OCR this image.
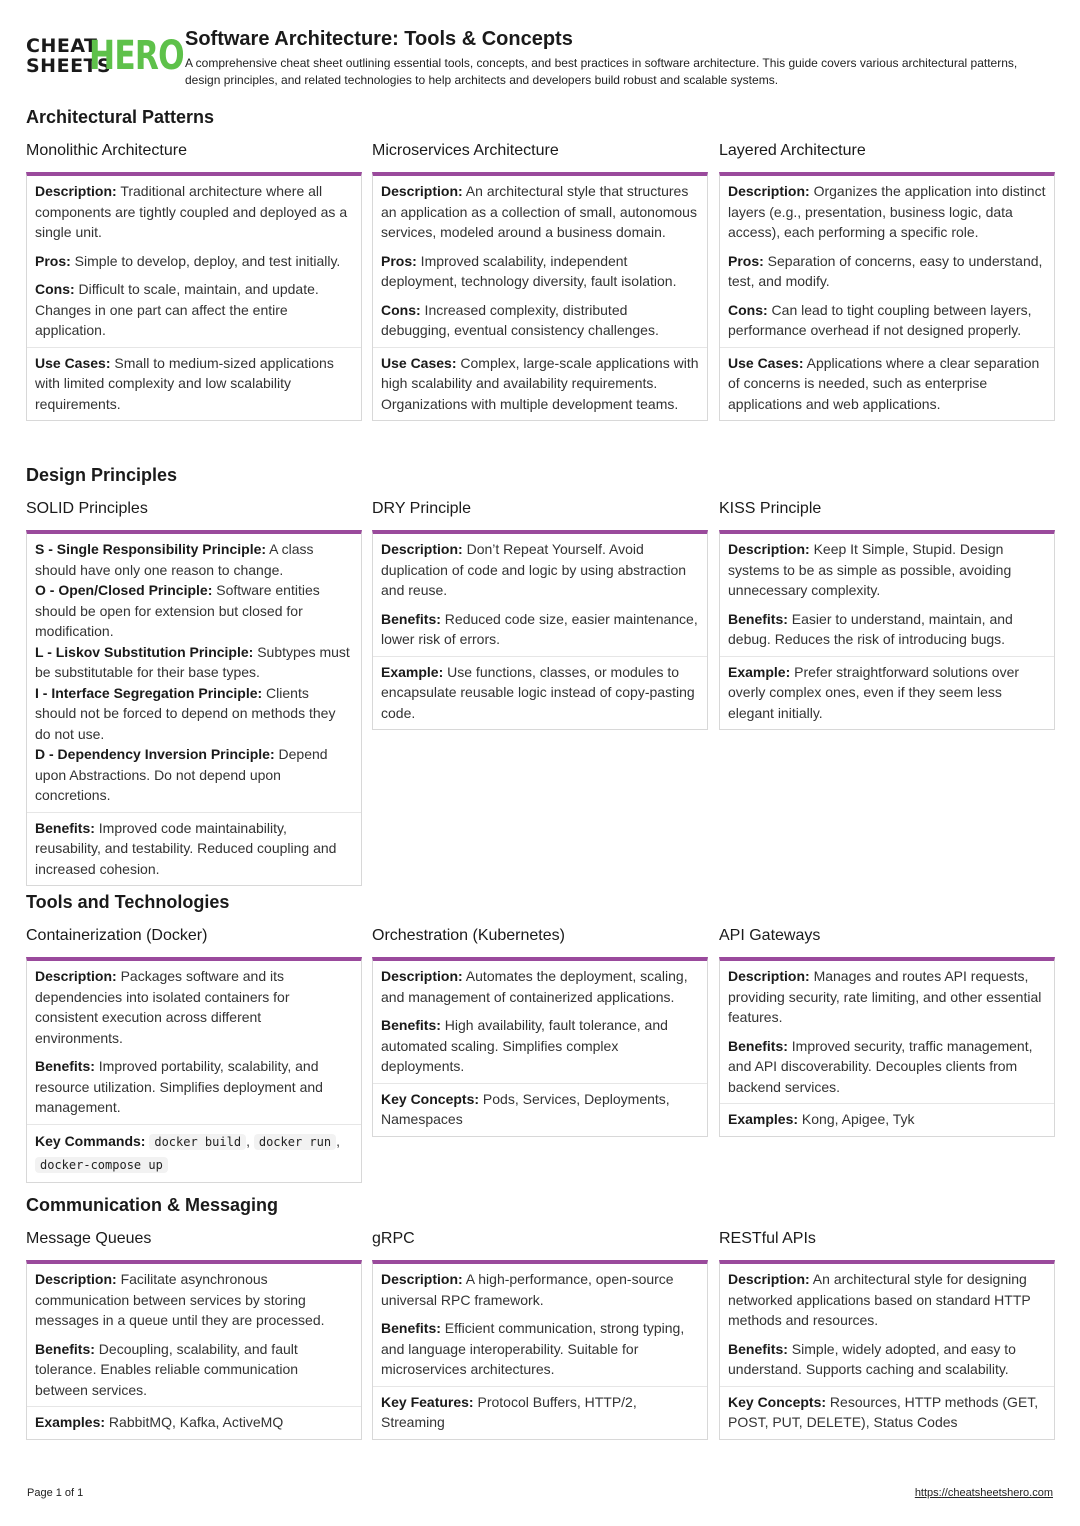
CHEAT
SHEETS
HERO Software Architecture: Tools & Concepts
A comprehensive cheat sheet outlining essential tools, concepts, and best practices in software architecture. This guide covers various architectural patterns, design principles, and related technologies to help architects and developers build robust and scalable systems.
Architectural Patterns
Monolithic Architecture
Description: Traditional architecture where all components are tightly coupled and deployed as a single unit.
Pros: Simple to develop, deploy, and test initially.
Cons: Difficult to scale, maintain, and update. Changes in one part can affect the entire application.
Use Cases: Small to medium-sized applications with limited complexity and low scalability requirements.
Microservices Architecture
Description: An architectural style that structures an application as a collection of small, autonomous services, modeled around a business domain.
Pros: Improved scalability, independent deployment, technology diversity, fault isolation.
Cons: Increased complexity, distributed debugging, eventual consistency challenges.
Use Cases: Complex, large-scale applications with high scalability and availability requirements. Organizations with multiple development teams.
Layered Architecture
Description: Organizes the application into distinct layers (e.g., presentation, business logic, data access), each performing a specific role.
Pros: Separation of concerns, easy to understand, test, and modify.
Cons: Can lead to tight coupling between layers, performance overhead if not designed properly.
Use Cases: Applications where a clear separation of concerns is needed, such as enterprise applications and web applications.
Design Principles
SOLID Principles
S - Single Responsibility Principle: A class should have only one reason to change.
O - Open/Closed Principle: Software entities should be open for extension but closed for modification.
L - Liskov Substitution Principle: Subtypes must be substitutable for their base types.
I - Interface Segregation Principle: Clients should not be forced to depend on methods they do not use.
D - Dependency Inversion Principle: Depend upon Abstractions. Do not depend upon concretions.
Benefits: Improved code maintainability, reusability, and testability. Reduced coupling and increased cohesion.
DRY Principle
Description: Don’t Repeat Yourself. Avoid duplication of code and logic by using abstraction and reuse.
Benefits: Reduced code size, easier maintenance, lower risk of errors.
Example: Use functions, classes, or modules to encapsulate reusable logic instead of copy-pasting code.
KISS Principle
Description: Keep It Simple, Stupid. Design systems to be as simple as possible, avoiding unnecessary complexity.
Benefits: Easier to understand, maintain, and debug. Reduces the risk of introducing bugs.
Example: Prefer straightforward solutions over overly complex ones, even if they seem less elegant initially.
Tools and Technologies
Containerization (Docker)
Description: Packages software and its dependencies into isolated containers for consistent execution across different environments.
Benefits: Improved portability, scalability, and resource utilization. Simplifies deployment and management.
Key Commands: docker build , docker run , docker-compose up
Orchestration (Kubernetes)
Description: Automates the deployment, scaling, and management of containerized applications.
Benefits: High availability, fault tolerance, and automated scaling. Simplifies complex deployments.
Key Concepts: Pods, Services, Deployments, Namespaces
API Gateways
Description: Manages and routes API requests, providing security, rate limiting, and other essential features.
Benefits: Improved security, traffic management, and API discoverability. Decouples clients from backend services.
Examples: Kong, Apigee, Tyk
Communication & Messaging
Message Queues
Description: Facilitate asynchronous communication between services by storing messages in a queue until they are processed.
Benefits: Decoupling, scalability, and fault tolerance. Enables reliable communication between services.
Examples: RabbitMQ, Kafka, ActiveMQ
gRPC
Description: A high-performance, open-source universal RPC framework.
Benefits: Efficient communication, strong typing, and language interoperability. Suitable for microservices architectures.
Key Features: Protocol Buffers, HTTP/2, Streaming
RESTful APIs
Description: An architectural style for designing networked applications based on standard HTTP methods and resources.
Benefits: Simple, widely adopted, and easy to understand. Supports caching and scalability.
Key Concepts: Resources, HTTP methods (GET, POST, PUT, DELETE), Status Codes
Page 1 of 1	https://cheatsheetshero.com
